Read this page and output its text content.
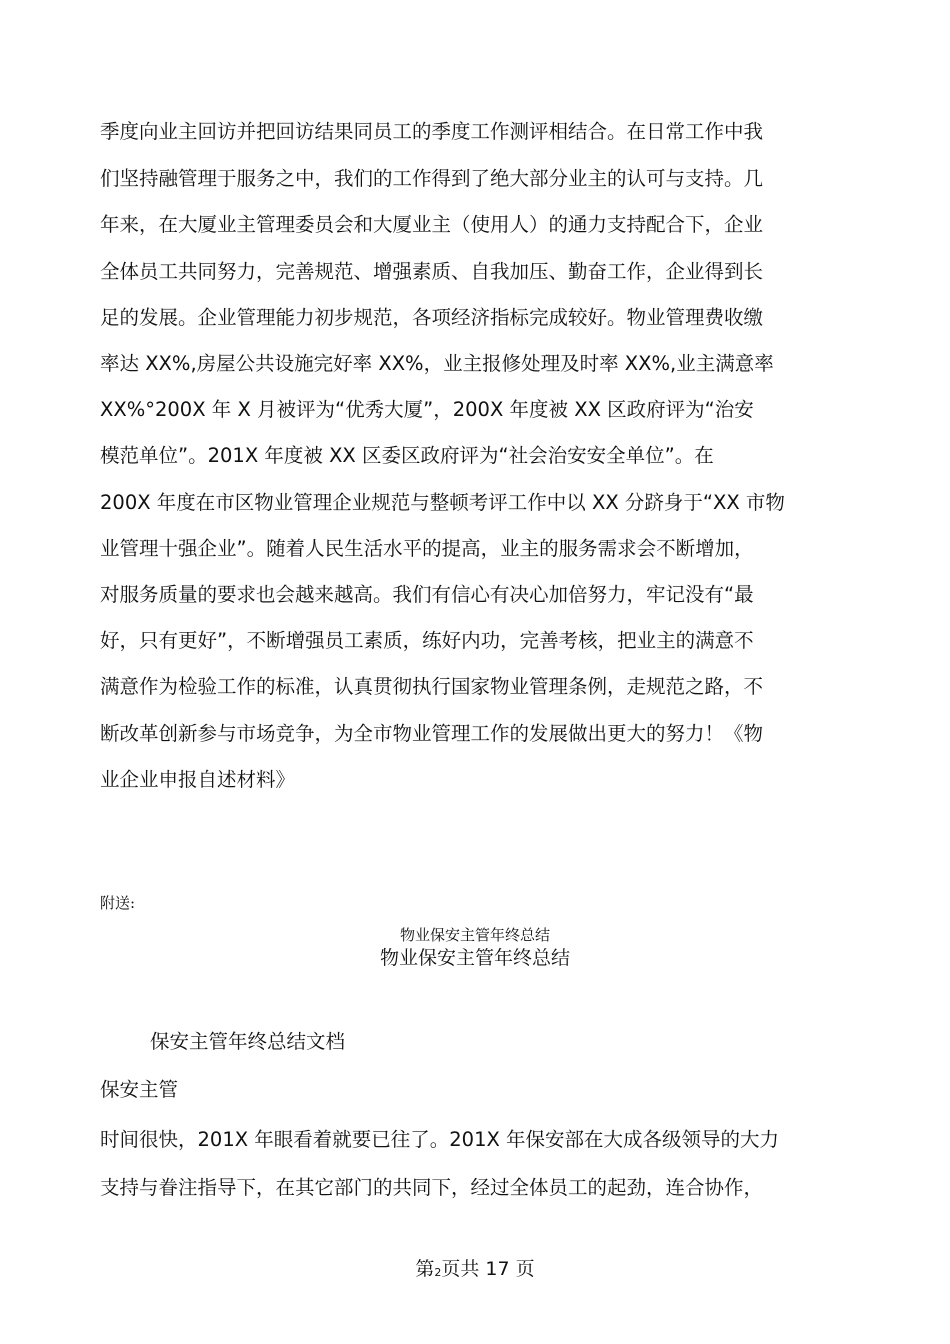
季度向业主回访并把回访结果同员工的季度工作测评相结合。在日常工作中我

们坚持融管理于服务之中，我们的工作得到了绝大部分业主的认可与支持。几

年来，在大厦业主管理委员会和大厦业主（使用人）的通力支持配合下，企业

全体员工共同努力，完善规范、增强素质、自我加压、勤奋工作，企业得到长

足的发展。企业管理能力初步规范，各项经济指标完成较好。物业管理费收缴

率达 XX%,房屋公共设施完好率 XX%，业主报修处理及时率 XX%,业主满意率

XX%°200X 年 X 月被评为“优秀大厦”，200X 年度被 XX 区政府评为“治安

模范单位”。201X 年度被 XX 区委区政府评为“社会治安安全单位”。在

200X 年度在市区物业管理企业规范与整顿考评工作中以 XX 分跻身于“XX 市物

业管理十强企业”。随着人民生活水平的提高，业主的服务需求会不断增加，

对服务质量的要求也会越来越高。我们有信心有决心加倍努力，牢记没有“最

好，只有更好”，不断增强员工素质，练好内功，完善考核，把业主的满意不

满意作为检验工作的标准，认真贯彻执行国家物业管理条例，走规范之路，不

断改革创新参与市场竞争，为全市物业管理工作的发展做出更大的努力！《物

业企业申报自述材料》

附送:

物业保安主管年终总结

物业保安主管年终总结

保安主管年终总结文档

保安主管

时间很快，201X 年眼看着就要已往了。201X 年保安部在大成各级领导的大力

支持与眷注指导下，在其它部门的共同下，经过全体员工的起劲，连合协作，

第2页共 17 页
